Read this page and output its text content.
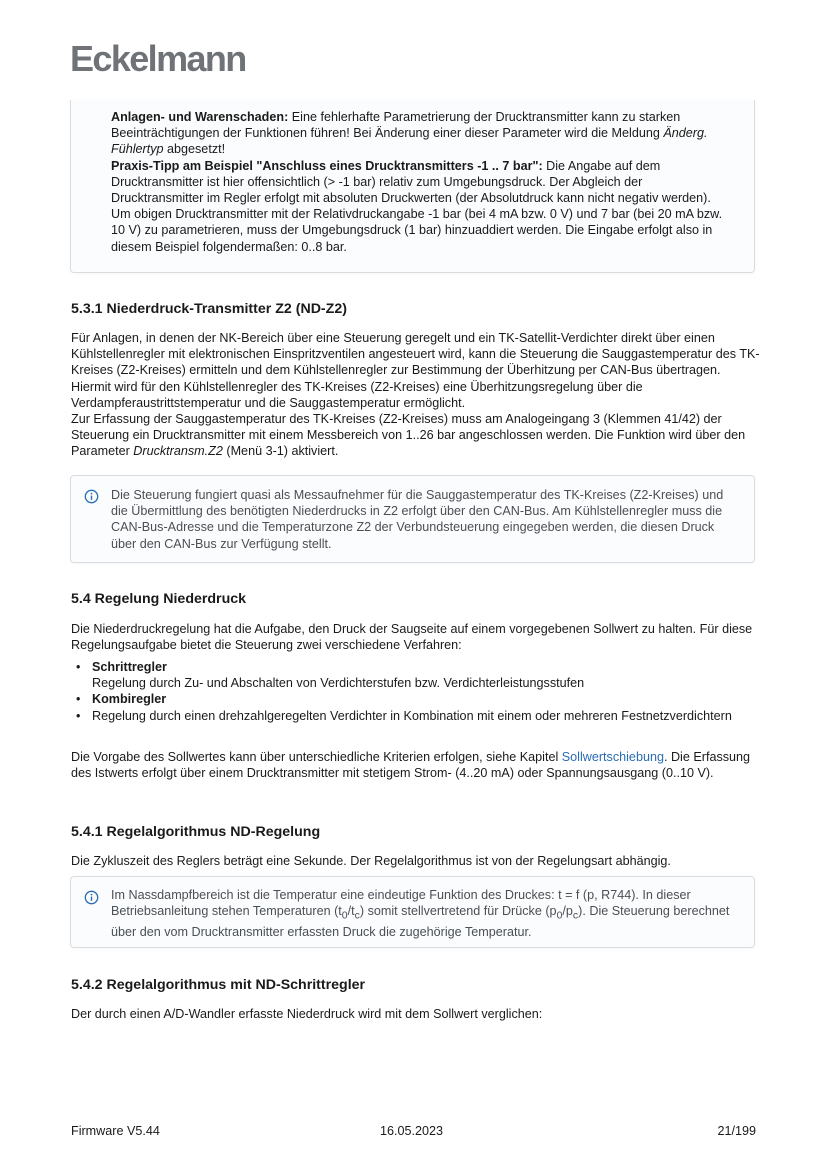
Eckelmann

Anlagen- und Warenschaden: Eine fehlerhafte Parametrierung der Drucktransmitter kann zu starken Beeinträchtigungen der Funktionen führen! Bei Änderung einer dieser Parameter wird die Meldung Änderg. Fühlertyp abgesetzt!

Praxis-Tipp am Beispiel "Anschluss eines Drucktransmitters -1 .. 7 bar": Die Angabe auf dem Drucktransmitter ist hier offensichtlich (> -1 bar) relativ zum Umgebungsdruck. Der Abgleich der Drucktransmitter im Regler erfolgt mit absoluten Druckwerten (der Absolutdruck kann nicht negativ werden). Um obigen Drucktransmitter mit der Relativdruckangabe -1 bar (bei 4 mA bzw. 0 V) und 7 bar (bei 20 mA bzw. 10 V) zu parametrieren, muss der Umgebungsdruck (1 bar) hinzuaddiert werden. Die Eingabe erfolgt also in diesem Beispiel folgendermaßen: 0..8 bar.

5.3.1 Niederdruck-Transmitter Z2 (ND-Z2)

Für Anlagen, in denen der NK-Bereich über eine Steuerung geregelt und ein TK-Satellit-Verdichter direkt über einen Kühlstellenregler mit elektronischen Einspritzventilen angesteuert wird, kann die Steuerung die Sauggastemperatur des TK-Kreises (Z2-Kreises) ermitteln und dem Kühlstellenregler zur Bestimmung der Überhitzung per CAN-Bus übertragen. Hiermit wird für den Kühlstellenregler des TK-Kreises (Z2-Kreises) eine Überhitzungsregelung über die Verdampferaustrittstemperatur und die Sauggastemperatur ermöglicht.

Zur Erfassung der Sauggastemperatur des TK-Kreises (Z2-Kreises) muss am Analogeingang 3 (Klemmen 41/42) der Steuerung ein Drucktransmitter mit einem Messbereich von 1..26 bar angeschlossen werden. Die Funktion wird über den Parameter Drucktransm.Z2 (Menü 3-1) aktiviert.

Die Steuerung fungiert quasi als Messaufnehmer für die Sauggastemperatur des TK-Kreises (Z2-Kreises) und die Übermittlung des benötigten Niederdrucks in Z2 erfolgt über den CAN-Bus. Am Kühlstellenregler muss die CAN-Bus-Adresse und die Temperaturzone Z2 der Verbundsteuerung eingegeben werden, die diesen Druck über den CAN-Bus zur Verfügung stellt.

5.4 Regelung Niederdruck

Die Niederdruckregelung hat die Aufgabe, den Druck der Saugseite auf einem vorgegebenen Sollwert zu halten. Für diese Regelungsaufgabe bietet die Steuerung zwei verschiedene Verfahren:

• Schrittregler
Regelung durch Zu- und Abschalten von Verdichterstufen bzw. Verdichterleistungsstufen
• Kombiregler
• Regelung durch einen drehzahlgeregelten Verdichter in Kombination mit einem oder mehreren Festnetzverdichtern

Die Vorgabe des Sollwertes kann über unterschiedliche Kriterien erfolgen, siehe Kapitel Sollwertschiebung. Die Erfassung des Istwerts erfolgt über einem Drucktransmitter mit stetigem Strom- (4..20 mA) oder Spannungsausgang (0..10 V).

5.4.1 Regelalgorithmus ND-Regelung

Die Zykluszeit des Reglers beträgt eine Sekunde. Der Regelalgorithmus ist von der Regelungsart abhängig.

Im Nassdampfbereich ist die Temperatur eine eindeutige Funktion des Druckes: t = f (p, R744). In dieser Betriebsanleitung stehen Temperaturen $(t_0/t_c)$ somit stellvertretend für Drücke $(p_0/p_c)$. Die Steuerung berechnet über den vom Drucktransmitter erfassten Druck die zugehörige Temperatur.

5.4.2 Regelalgorithmus mit ND-Schrittregler

Der durch einen A/D-Wandler erfasste Niederdruck wird mit dem Sollwert verglichen:

Firmware V5.44	16.05.2023	21/199
